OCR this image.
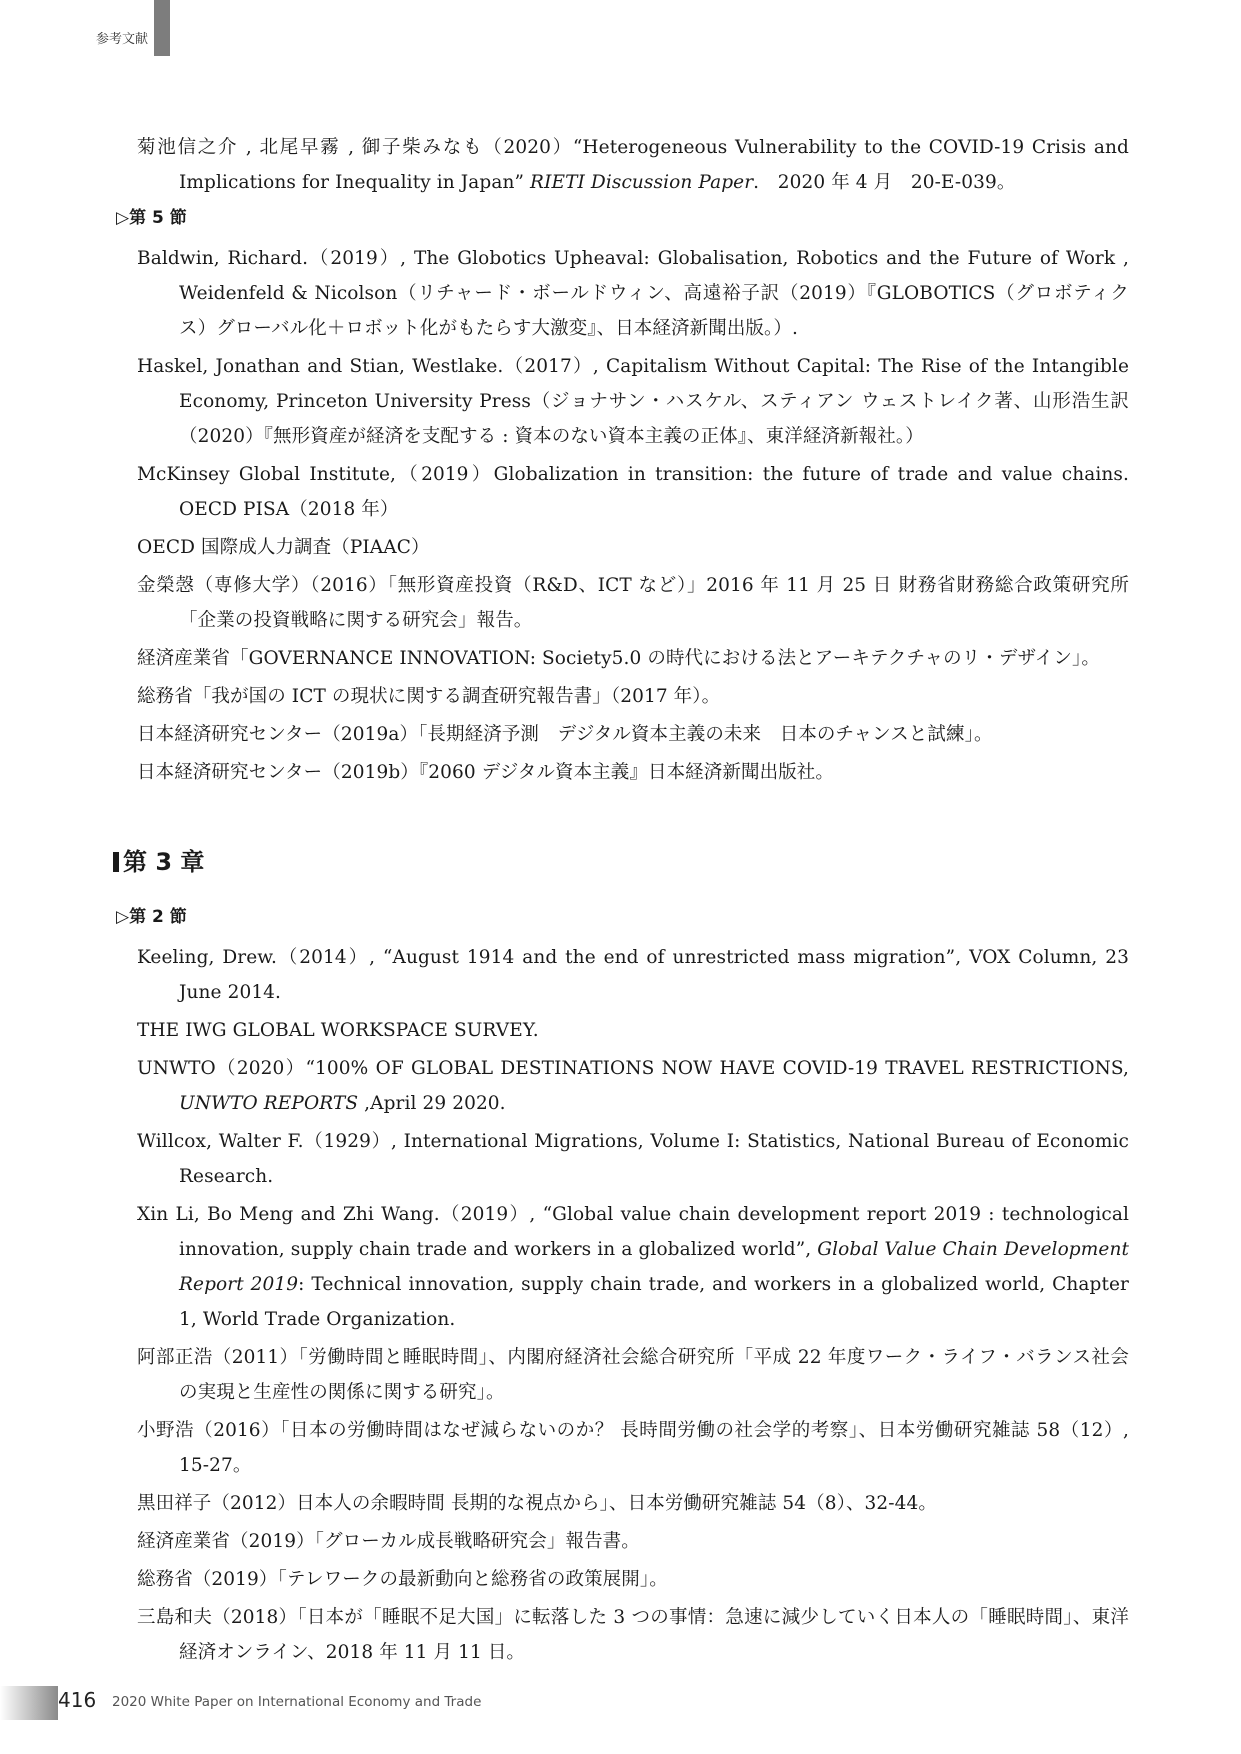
参考文献

菊池信之介 , 北尾早霧 , 御子柴みなも（2020）“Heterogeneous Vulnerability to the COVID-19 Crisis and Implications for Inequality in Japan” RIETI Discussion Paper.　2020 年 4 月　20-E-039。

▷第 5 節

Baldwin, Richard.（2019）, The Globotics Upheaval: Globalisation, Robotics and the Future of Work , Weidenfeld & Nicolson（リチャード・ボールドウィン、高遠裕子訳（2019）『GLOBOTICS（グロボティクス）グローバル化＋ロボット化がもたらす大激変』、日本経済新聞出版。）.

Haskel, Jonathan and Stian, Westlake.（2017）, Capitalism Without Capital: The Rise of the Intangible Economy, Princeton University Press（ジョナサン・ハスケル、スティアン ウェストレイク著、山形浩生訳（2020）『無形資産が経済を支配する : 資本のない資本主義の正体』、東洋経済新報社。）

McKinsey Global Institute,（2019）Globalization in transition: the future of trade and value chains. OECD PISA（2018 年）

OECD 国際成人力調査（PIAAC）

金榮愨（専修大学）（2016）「無形資産投資（R&D、ICT など）」2016 年 11 月 25 日 財務省財務総合政策研究所「企業の投資戦略に関する研究会」報告。

経済産業省「GOVERNANCE INNOVATION: Society5.0 の時代における法とアーキテクチャのリ・デザイン」。

総務省「我が国の ICT の現状に関する調査研究報告書」（2017 年）。

日本経済研究センター（2019a）「長期経済予測　デジタル資本主義の未来　日本のチャンスと試練」。

日本経済研究センター（2019b）『2060 デジタル資本主義』日本経済新聞出版社。

第 3 章
▷第 2 節

Keeling, Drew.（2014）, “August 1914 and the end of unrestricted mass migration”, VOX Column, 23 June 2014.

THE IWG GLOBAL WORKSPACE SURVEY.

UNWTO（2020）“100% OF GLOBAL DESTINATIONS NOW HAVE COVID-19 TRAVEL RESTRICTIONS, UNWTO REPORTS ,April 29 2020.

Willcox, Walter F.（1929）, International Migrations, Volume I: Statistics, National Bureau of Economic Research.

Xin Li, Bo Meng and Zhi Wang.（2019）, “Global value chain development report 2019 : technological innovation, supply chain trade and workers in a globalized world”, Global Value Chain Development Report 2019: Technical innovation, supply chain trade, and workers in a globalized world, Chapter 1, World Trade Organization.

阿部正浩（2011）「労働時間と睡眠時間」、内閣府経済社会総合研究所「平成 22 年度ワーク・ライフ・バランス社会の実現と生産性の関係に関する研究」。

小野浩（2016）「日本の労働時間はなぜ減らないのか？ 長時間労働の社会学的考察」、日本労働研究雑誌 58（12）, 15-27。

黒田祥子（2012）日本人の余暇時間 長期的な視点から」、日本労働研究雑誌 54（8）、32-44。

経済産業省（2019）「グローカル成長戦略研究会」報告書。

総務省（2019）「テレワークの最新動向と総務省の政策展開」。

三島和夫（2018）「日本が「睡眠不足大国」に転落した 3 つの事情：急速に減少していく日本人の「睡眠時間」、東洋経済オンライン、2018 年 11 月 11 日。

416 2020 White Paper on International Economy and Trade
